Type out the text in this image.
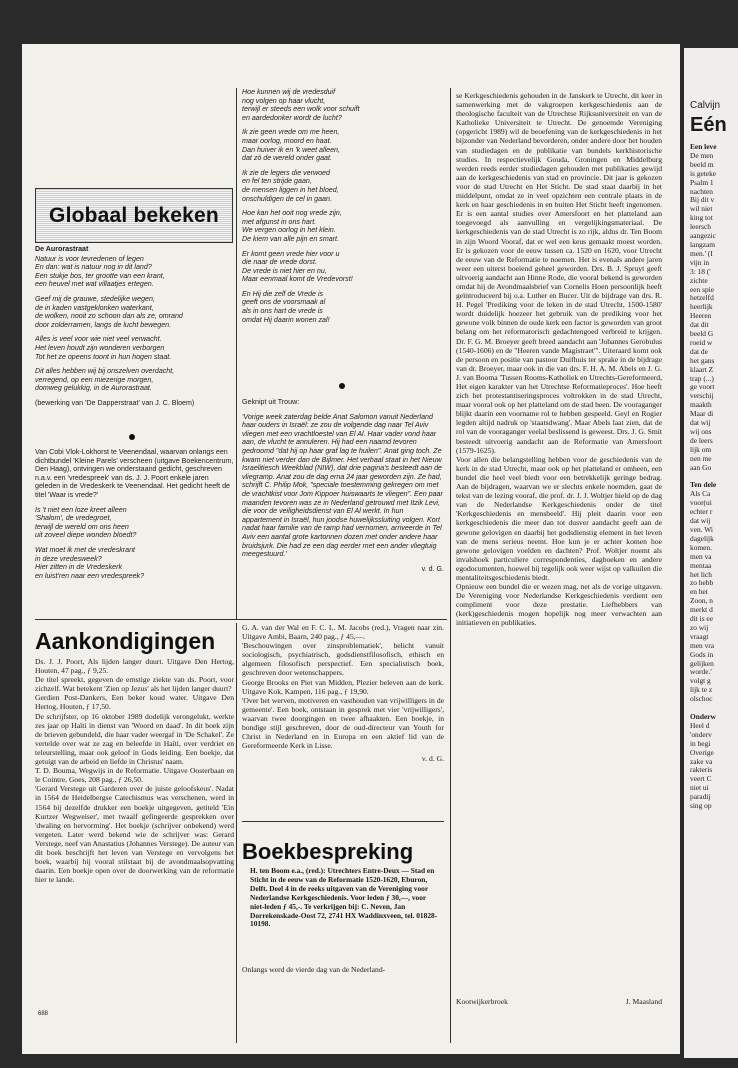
Globaal bekeken
De Aurorastraat
Natuur is voor tevredenen of legen
En dan: wat is natuur nog in dit land?
Een stukje bos, ter grootte van een krant,
een heuvel met wat villaatjes ertegen.
Geef mij de grauwe, stedelijke wegen,
de in kaden vastgeklonken waterkant,
de wolken, nooit zo schoon dan als ze, omrand
door zolderramen, langs de lucht bewegen.
Alles is veel voor wie niet veel verwacht.
Het leven houdt zijn wonderen verborgen
Tot het ze opeens toont in hun hogen staat.
Dit alles hebben wij bij onszelven overdacht,
verregend, op een miezerige morgen,
domweg gelukkig, in de Aurorastraat.
(bewerking van 'De Dapperstraat' van J. C. Bloem)

Van Cobi Vlok-Lokhorst te Veenendaal, waarvan onlangs een dichtbundel 'Kleine Parels' verscheen (uitgave Boekencentrum, Den Haag), ontvingen we onderstaand gedicht, geschreven n.a.v. een 'vredespreek' van ds. J. J. Poort enkele jaren geleden in de Vredeskerk te Veenendaal. Het gedicht heeft de titel 'Waar is vrede?'

Is 't niet een loze kreet alleen
'Shalom', de vredegroet,
terwijl de wereld om ons heen
uit zoveel diepe wonden bloedt?
Wat moet ik met de vredeskrant
in deze vredesweek?
Hier zitten in de Vredeskerk
en luist'ren naar een vredespreek?
Hoe kunnen wij de vredesduif
nog volgen op haar vlucht,
terwijl er steeds een wolk voor schuift
en aardedonker wordt de lucht?
Ik zie geen vrede om me heen,
maar oorlog, moord en haat.
Dan huiver ik en 'k weet alleen,
dat zó de wereld onder gaat.
Ik zie de legers die verwoed
en fel ten strijde gaan,
de mensen liggen in het bloed,
onschuldigen de cel in gaan.
Hoe kan het ooit nog vrede zijn,
met afgunst in ons hart.
We vergen oorlog in het klein.
De kiem van alle pijn en smart.
Er komt geen vrede hier voor u
die naar de vrede dorst.
De vrede is niet hier en nu,
Maar eenmaal komt de Vredevorst!
En Hij die zelf de Vrede is
geeft ons de voorsmaak al
als in ons hart de vrede is
omdat Hij daarin wonen zal!

Geknipt uit Trouw:

'Vorige week zaterdag belde Anat Salomon vanuit Nederland haar ouders in Israël: ze zou de volgende dag naar Tel Aviv vliegen met een vrachtloestel van El Al. Haar vader vond haar aan, de vlucht te annuleren. Hij had een naamd tevoren gedroomd "dat hij op haar graf lag te huilen". Anat ging toch. Ze kwam niet verder dan de Bijlmer. Het verhaal staat in het Nieuw Israelitiesch Weekblad (NIW), dat drie pagina's besteedt aan de vliegramp. Anat zou de dag erna 24 jaar geworden zijn. Ze had, schrijft C. Philip Mok, "speciale toestemming gekregen om met de vrachtkist voor Jom Kippoer huiswaarts te vliegen". Een paar maanden tevoren was ze in Nederland getrouwd met Itzik Levi, die voor de veiligheidsdienst van El Al werkt. In hun appartement in Israël, hun joodse huwelijkssluiting volgen. Kort nadat haar familie van de ramp had vernomen, arriveerde in Tel Aviv een aantal grote kartonnen dozen met onder andere haar bruidsjurk. Die had ze een dag eerder met een ander vliegtuig meegestuurd.'

v. d. G.
Aankondigingen
Ds. J. J. Poort, Als lijden langer duurt. Uitgave Den Hertog, Houten, 47 pag., ƒ 9,25.
De titel spreekt, gegeven de ernstige ziekte van ds. Poort, voor zichzelf. Wat betekent 'Zien op Jezus' als het lijden langer duurt?
Gerdien Post-Dankers, Een beker koud water. Uitgave Den Hertog, Houten, ƒ 17,50.
De schrijfster, op 16 oktober 1989 dodelijk verongelukt, werkte zes jaar op Haïti in dienst van 'Woord en daad'. In dit boek zijn de brieven gebundeld, die haar vader weergaf in 'De Schakel'. Ze vertelde over wat ze zag en beleefde in Haïti, over verdriet en teleurstelling, maar ook geloof in Gods leiding. Een boekje, dat getuigt van de arbeid en liefde in Christus' naam.
T. D. Bouma, Wegwijs in de Reformatie. Uitgave Oosterbaan en le Cointre, Goes, 208 pag., ƒ 26,50.
'Gerard Verstege uit Garderen over de juiste geloofskeus'. Nadat in 1564 de Heidelbergse Catechismus was verschenen, werd in 1564 bij dezelfde drukker een boekje uitgegeven, getiteld 'Ein Kurtzer Wegweiser', met twaalf gefingeerde gesprekken over 'dwaling en hervorming'. Het boekje (schrijver onbekend) werd vergeten. Later werd bekend wie de schrijver was: Gerard Verstege, neef van Anastatius (Johannes Verstege). De auteur van dit boek beschrijft het leven van Verstege en vervolgens het boek, waarbij hij vooral stilstaat bij de avondmaalsopvatting daarin. Een boekje open over de doorwerking van de reformatie hier te lande.
G. A. van der Wal en F. C. L. M. Jacobs (red.), Vragen naar zin. Uitgave Ambi, Baarn, 240 pag., ƒ 45,—.
'Beschouwingen over zinsproblematiek', belicht vanuit sociologisch, psychiatrisch, godsdienstfilosofisch, ethisch en algemeen filosofisch perspectief. Een specialistisch boek, geschreven door wetenschappers.
George Brooks en Piet van Midden, Plezier beleven aan de kerk. Uitgave Kok, Kampen, 116 pag., ƒ 19,90.
'Over het werven, motiveren en vasthouden van vrijwilligers in de gemeente'. Een boek, ontstaan in gesprek met vier 'vrijwilligers', waarvan twee doorgingen en twee afhaakten. Een boekje, in bondige stijl geschreven, door de oud-directeur van Youth for Christ in Nederland en in Europa en een aktief lid van de Gereformeerde Kerk in Lisse.
v. d. G.
Boekbespreking
H. ten Boom e.a., (red.): Utrechters Entre-Deux — Stad en Sticht in de eeuw van de Reformatie 1520-1620, Eburon, Delft. Deel 4 in de reeks uitgaven van de Vereniging voor Nederlandse Kerkgeschiedenis. Voor leden ƒ 30,—, voor niet-leden ƒ 45,-. Te verkrijgen bij: C. Neven, Jan Dorrekenskade-Oost 72, 2741 HX Waddinxveen, tel. 01828-10198.
Onlangs werd de vierde dag van de Nederland-
se Kerkgeschiedenis gehouden in de Janskerk te Utrecht, dit keer in samenwerking met de vakgroepen kerkgeschiedenis aan de theologische faculteit van de Utrechtse Rijksuniversiteit en van de Katholieke Universiteit te Utrecht. De genoemde Vereniging (opgericht 1989) wil de beoefening van de kerkgeschiedenis in het bijzonder van Nederland bevorderen, onder andere door het houden van studiedagen en de publikatie van bundels kerkhistorische studies. In respectievelijk Gouda, Groningen en Middelburg werden reeds eerder studiedagen gehouden met publikaties gewijd aan de kerkgeschiedenis van stad en provincie. Dit jaar is gekozen voor de stad Utrecht en Het Sticht. De stad staat daarbij in het middelpunt, omdat ze in veel opzichten een centrale plaats in de kerk en haar geschiedenis in en buiten Het Sticht heeft ingenomen. Er is een aantal studies over Amersfoort en het platteland aan toegevoegd als aanvulling en vergelijkingsmateriaal. De kerkgeschiedenis van de stad Utrecht is zo rijk, aldus dr. Ten Boom in zijn Woord Vooraf, dat er wel een keus gemaakt moest worden. Er is gekozen voor de eeuw tussen ca. 1520 en 1620, voor Utrecht de eeuw van de Reformatie te noemen. Het is evenals andere jaren weer een uiterst boeiend geheel geworden. Drs. B. J. Spruyt geeft uitvoerig aandacht aan Hinne Rode, die vooral bekend is geworden omdat hij de Avondmaalsbrief van Cornelis Hoen persoonlijk heeft geïntroduceerd bij o.a. Luther en Bucer. Uit de bijdrage van drs. R. H. Pegel 'Prediking voor de leken in de stad Utrecht, 1500-1580' wordt duidelijk hoezeer het gebruik van de prediking voor het gewone volk binnen de oude kerk een factor is geworden van groot belang om het reformatorisch gedachtengoed verbreid te krijgen. Dr. F. G. M. Broeyer geeft breed aandacht aan 'Johannes Gerobulus (1540-1606) en de "Heeren vande Magistraet"'. Uiteraard komt ook de persoon en positie van pastoor Duifhuis ter sprake in de bijdrage van dr. Broeyer, maar ook in die van drs. F. H. A. M. Abels en J. G. J. van Booma 'Tussen Rooms-Katholiek en Utrechts-Gereformeerd, Het eigen karakter van het Utrechtse Reformatieproces'. Hoe heeft zich het protestantiseringsproces voltrokken in de stad Utrecht, maar vooral ook op het platteland om de stad heen. De vooraganger blijkt daarin een voorname rol te hebben gespeeld. Geyl en Rogier legden altijd nadruk op 'staatsdwang'. Maar Abels laat zien, dat de rol van de vooraganger veelal beslissend is geweest. Drs. J. G. Smit besteedt uitvoerig aandacht aan de Reformatie van Amersfoort (1579-1625).
Voor allen die belangstelling hebben voor de geschiedenis van de kerk in de stad Utrecht, maar ook op het platteland er omheen, een bundel die heel veel biedt voor een betrekkelijk geringe bedrag. Aan de bijdragen, waarvan we er slechts enkele noemden, gaat de tekst van de lezing vooraf, die prof. dr. J. J. Woltjer hield op de dag van de Nederlandse Kerkgeschiedenis onder de titel 'Kerkgeschiedenis en mensbeeld'. Hij pleit daarin voor een kerkgeschiedenis die meer dan tot dusver aandacht geeft aan de gewone gelovigen en daarbij het godsdienstig element in het leven van de mens serieus neemt. Hoe kun je er achter komen hoe gewone gelovigen voelden en dachten? Prof. Woltjer noemt als invalshoek particuliere correspondenties, dagboeken en andere egodocumenten, hoewel hij tegelijk ook weer wijst op valkuilen die mentaliteitsgeschiedenis biedt.
Opnieuw een bundel die er wezen mag, net als de vorige uitgaven. De Vereniging voor Nederlandse Kerkgeschiedenis verdient een compliment voor deze prestatie. Liefhebbers van (kerk)geschiedenis mogen hopelijk nog meer verwachten aan initiatieven en publikaties.
Kootwijkerbroek	J. Maasland
688
Calvijn
Eén
Een leve
De men
beeld m
is geteke
Psalm 1
nachten
Bij dit v
wil niet
king tot
leersch
aangezic
langzam
men.' (I
vijn in
3: 18 ('
zichte
een spie
hetzelfd
heerlijk
Heeren
dat dit
beeld G
roeid w
dat de
het gans
klaart Z
trap (...)
ge voort
verschij
maakth
Maar di
dat wij
wij ons
de leers
lijk om
nen me
aan Go

Ten dele
Als Ca
voor(ui
echter r
dat wij
ven. Wi
dagelijk
komen.
men va
mentaa
het lich
zo hebb
en het
Zoon, n
merkt d
dit is ee
zo wij
vraagt
men vra
Gods in
gelijken
worde.'
volgt g
lijk te z
olschoc

Onderw
Heel d
'onderv
in begi
Overige
zake va
rakteris
veert C
niet ui
paradij
sing op
